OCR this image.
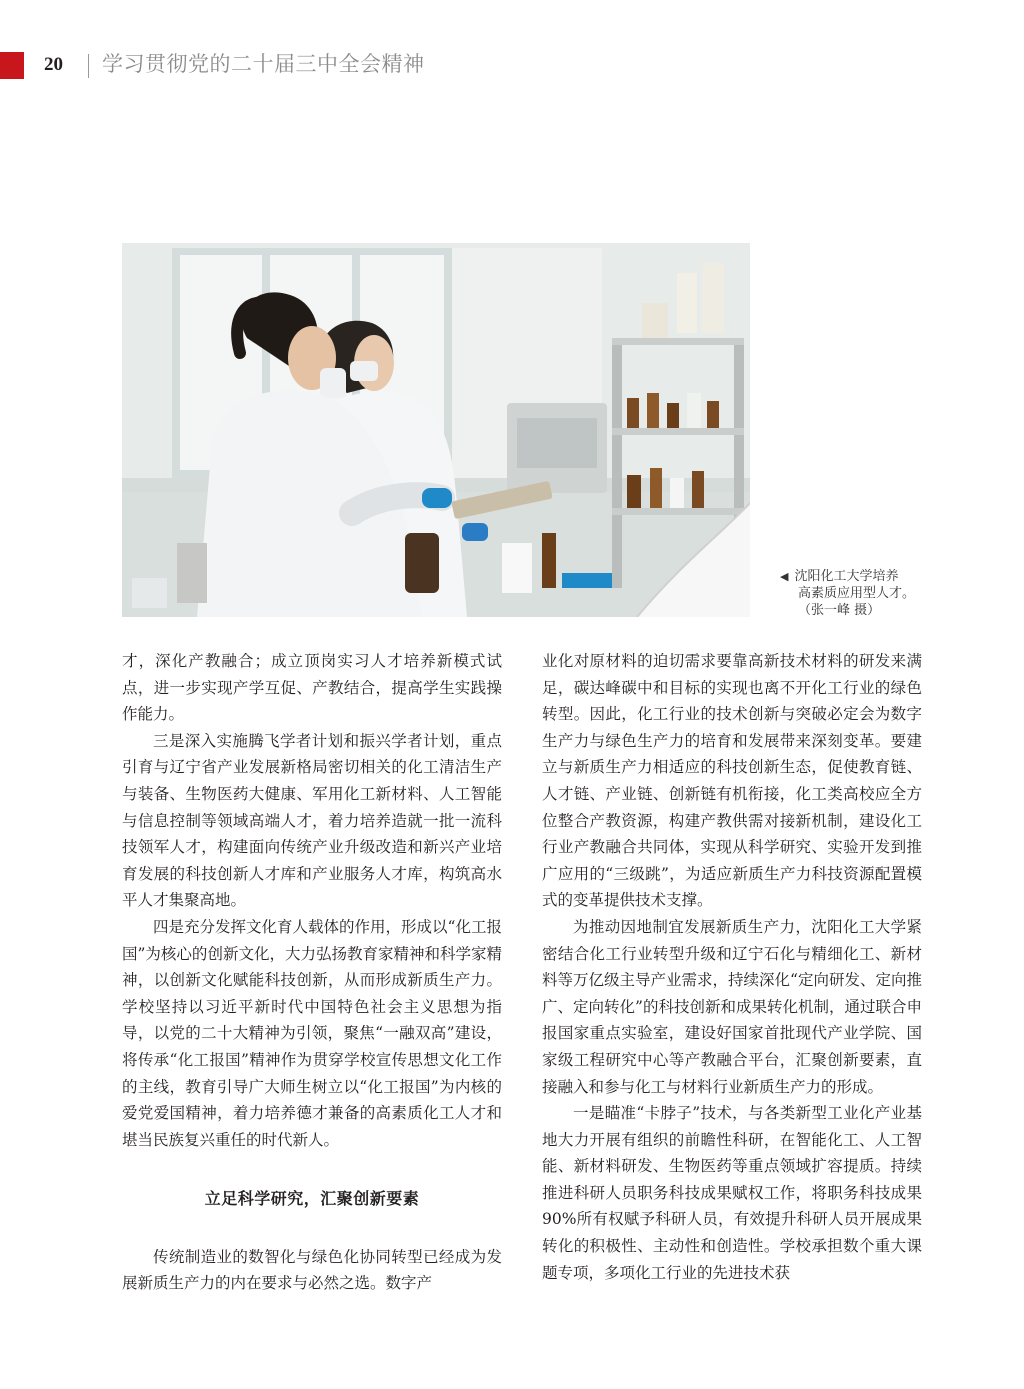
20 学习贯彻党的二十届三中全会精神
◀ 沈阳化工大学培养
高素质应用型人才。
（张一峰 摄）

才，深化产教融合；成立顶岗实习人才培养新模式试点，进一步实现产学互促、产教结合，提高学生实践操作能力。

三是深入实施腾飞学者计划和振兴学者计划，重点引育与辽宁省产业发展新格局密切相关的化工清洁生产与装备、生物医药大健康、军用化工新材料、人工智能与信息控制等领域高端人才，着力培养造就一批一流科技领军人才，构建面向传统产业升级改造和新兴产业培育发展的科技创新人才库和产业服务人才库，构筑高水平人才集聚高地。

四是充分发挥文化育人载体的作用，形成以“化工报国”为核心的创新文化，大力弘扬教育家精神和科学家精神，以创新文化赋能科技创新，从而形成新质生产力。学校坚持以习近平新时代中国特色社会主义思想为指导，以党的二十大精神为引领，聚焦“一融双高”建设，将传承“化工报国”精神作为贯穿学校宣传思想文化工作的主线，教育引导广大师生树立以“化工报国”为内核的爱党爱国精神，着力培养德才兼备的高素质化工人才和堪当民族复兴重任的时代新人。

立足科学研究，汇聚创新要素

传统制造业的数智化与绿色化协同转型已经成为发展新质生产力的内在要求与必然之选。数字产

业化对原材料的迫切需求要靠高新技术材料的研发来满足，碳达峰碳中和目标的实现也离不开化工行业的绿色转型。因此，化工行业的技术创新与突破必定会为数字生产力与绿色生产力的培育和发展带来深刻变革。要建立与新质生产力相适应的科技创新生态，促使教育链、人才链、产业链、创新链有机衔接，化工类高校应全方位整合产教资源，构建产教供需对接新机制，建设化工行业产教融合共同体，实现从科学研究、实验开发到推广应用的“三级跳”，为适应新质生产力科技资源配置模式的变革提供技术支撑。

为推动因地制宜发展新质生产力，沈阳化工大学紧密结合化工行业转型升级和辽宁石化与精细化工、新材料等万亿级主导产业需求，持续深化“定向研发、定向推广、定向转化”的科技创新和成果转化机制，通过联合申报国家重点实验室，建设好国家首批现代产业学院、国家级工程研究中心等产教融合平台，汇聚创新要素，直接融入和参与化工与材料行业新质生产力的形成。

一是瞄准“卡脖子”技术，与各类新型工业化产业基地大力开展有组织的前瞻性科研，在智能化工、人工智能、新材料研发、生物医药等重点领域扩容提质。持续推进科研人员职务科技成果赋权工作，将职务科技成果90%所有权赋予科研人员，有效提升科研人员开展成果转化的积极性、主动性和创造性。学校承担数个重大课题专项，多项化工行业的先进技术获
